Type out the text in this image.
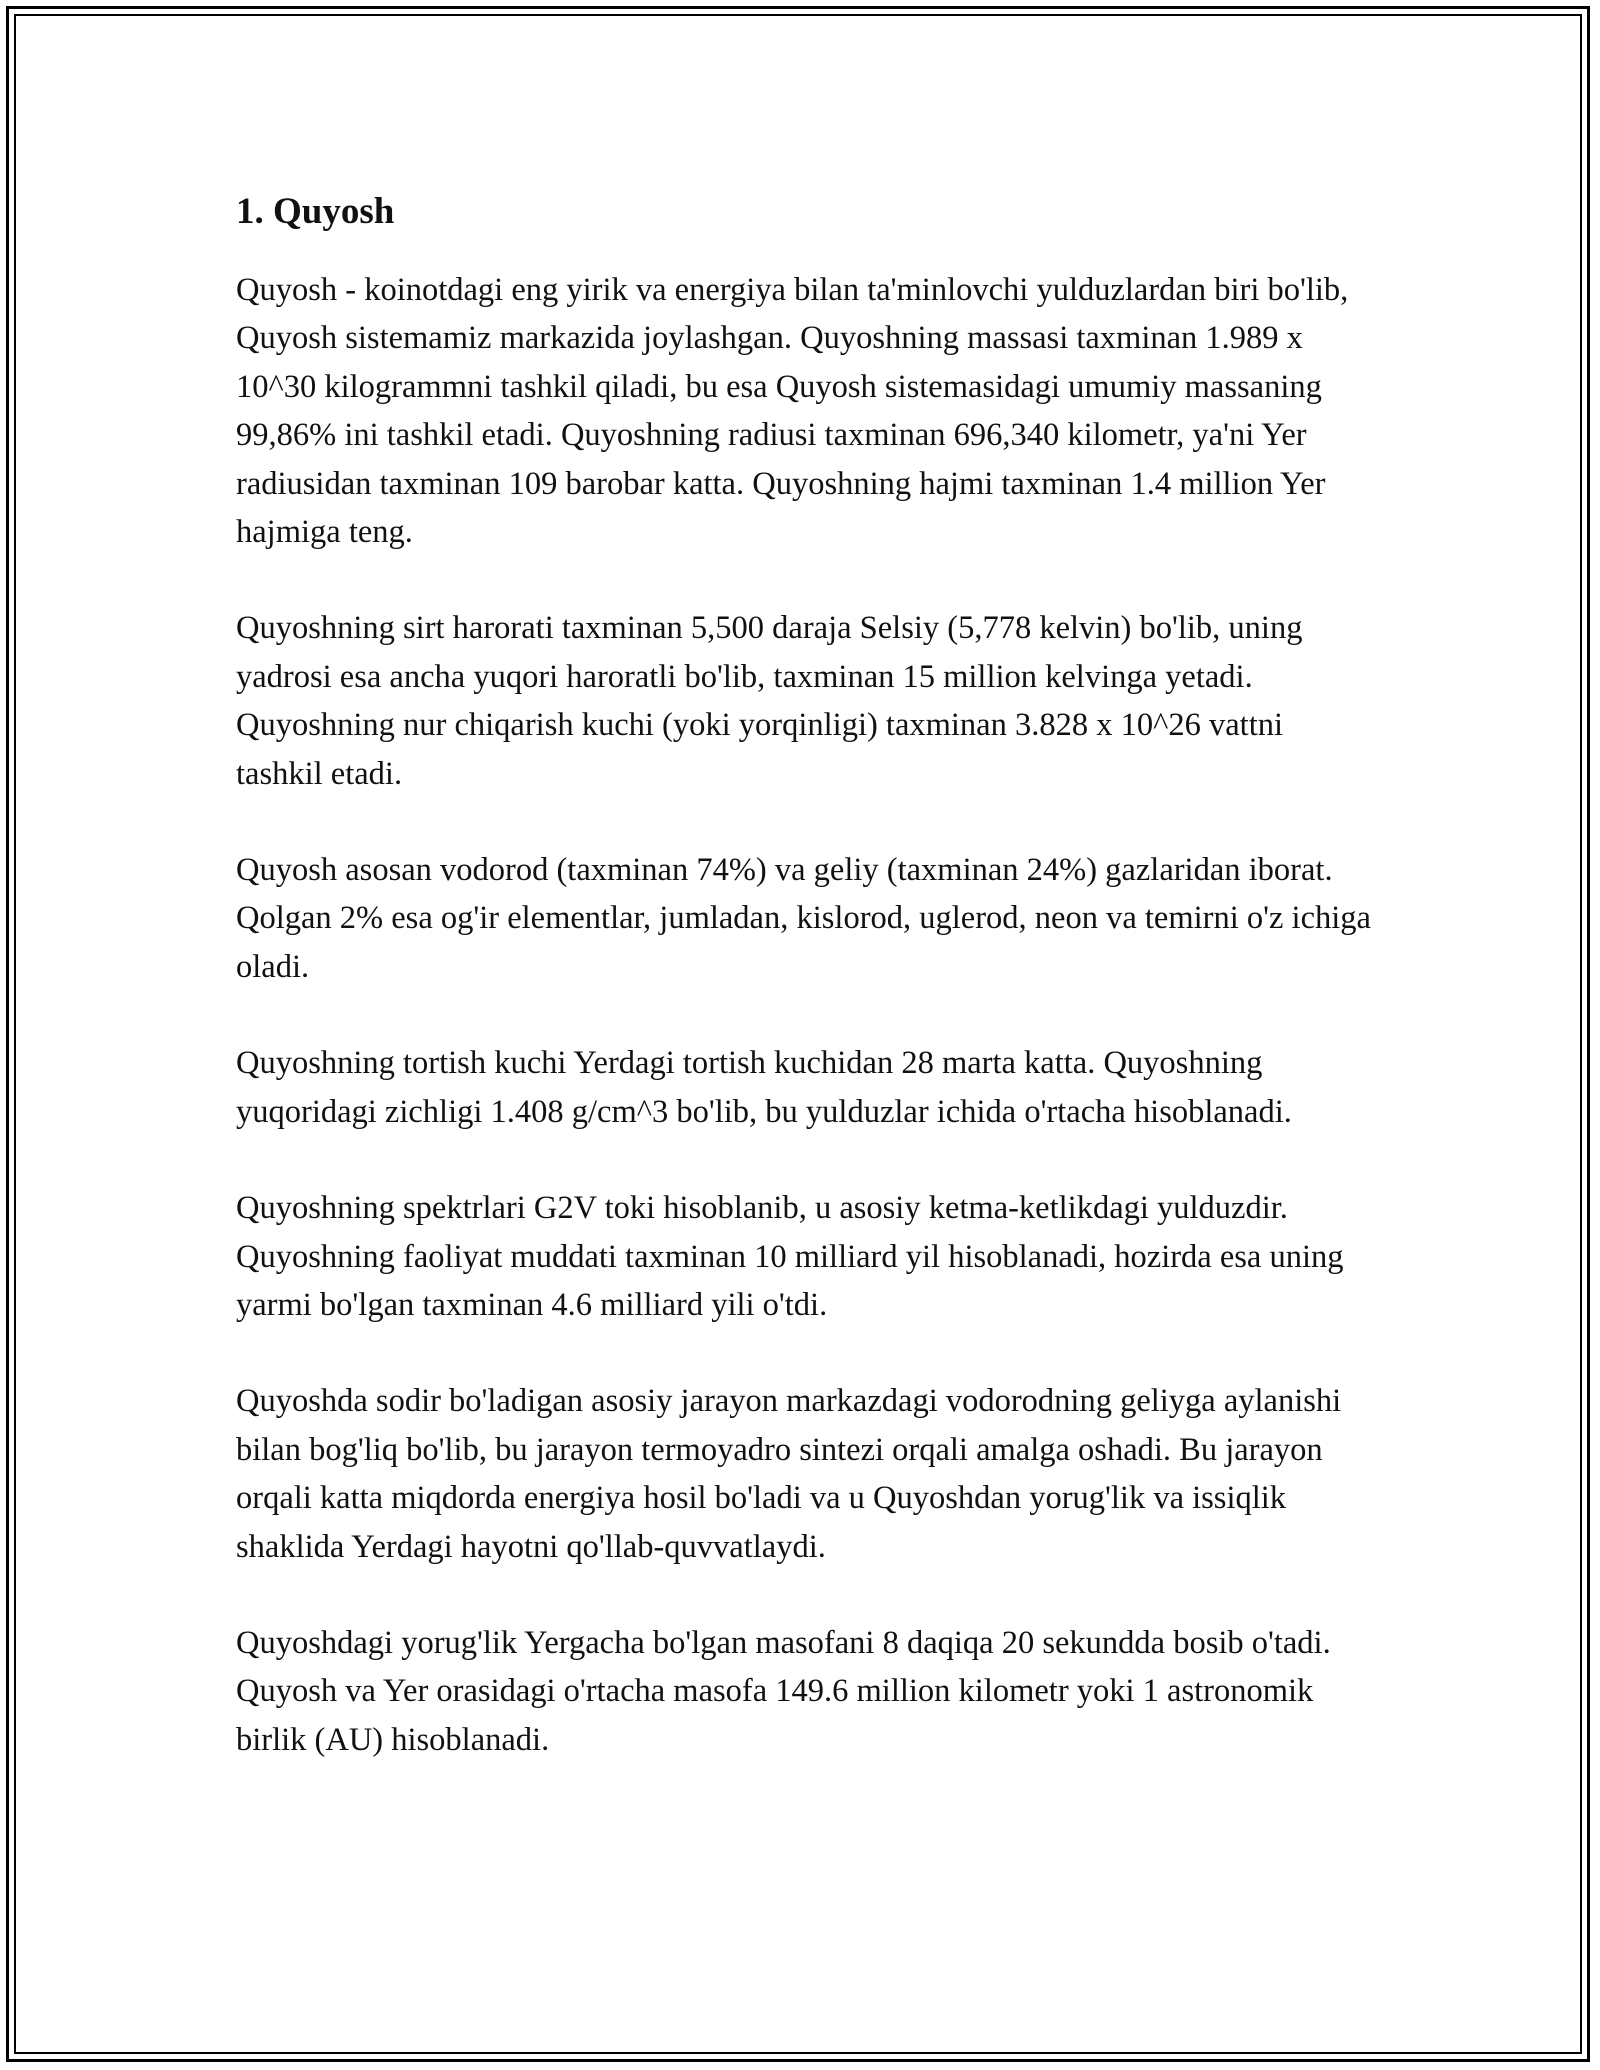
1. Quyosh

Quyosh - koinotdagi eng yirik va energiya bilan ta'minlovchi yulduzlardan biri bo'lib, Quyosh sistemamiz markazida joylashgan. Quyoshning massasi taxminan 1.989 x 10^30 kilogrammni tashkil qiladi, bu esa Quyosh sistemasidagi umumiy massaning 99,86% ini tashkil etadi. Quyoshning radiusi taxminan 696,340 kilometr, ya'ni Yer radiusidan taxminan 109 barobar katta. Quyoshning hajmi taxminan 1.4 million Yer hajmiga teng.

Quyoshning sirt harorati taxminan 5,500 daraja Selsiy (5,778 kelvin) bo'lib, uning yadrosi esa ancha yuqori haroratli bo'lib, taxminan 15 million kelvinga yetadi. Quyoshning nur chiqarish kuchi (yoki yorqinligi) taxminan 3.828 x 10^26 vattni tashkil etadi.

Quyosh asosan vodorod (taxminan 74%) va geliy (taxminan 24%) gazlaridan iborat. Qolgan 2% esa og'ir elementlar, jumladan, kislorod, uglerod, neon va temirni o'z ichiga oladi.

Quyoshning tortish kuchi Yerdagi tortish kuchidan 28 marta katta. Quyoshning yuqoridagi zichligi 1.408 g/cm^3 bo'lib, bu yulduzlar ichida o'rtacha hisoblanadi.

Quyoshning spektrlari G2V toki hisoblanib, u asosiy ketma-ketlikdagi yulduzdir. Quyoshning faoliyat muddati taxminan 10 milliard yil hisoblanadi, hozirda esa uning yarmi bo'lgan taxminan 4.6 milliard yili o'tdi.

Quyoshda sodir bo'ladigan asosiy jarayon markazdagi vodorodning geliyga aylanishi bilan bog'liq bo'lib, bu jarayon termoyadro sintezi orqali amalga oshadi. Bu jarayon orqali katta miqdorda energiya hosil bo'ladi va u Quyoshdan yorug'lik va issiqlik shaklida Yerdagi hayotni qo'llab-quvvatlaydi.

Quyoshdagi yorug'lik Yergacha bo'lgan masofani 8 daqiqa 20 sekundda bosib o'tadi. Quyosh va Yer orasidagi o'rtacha masofa 149.6 million kilometr yoki 1 astronomik birlik (AU) hisoblanadi.
